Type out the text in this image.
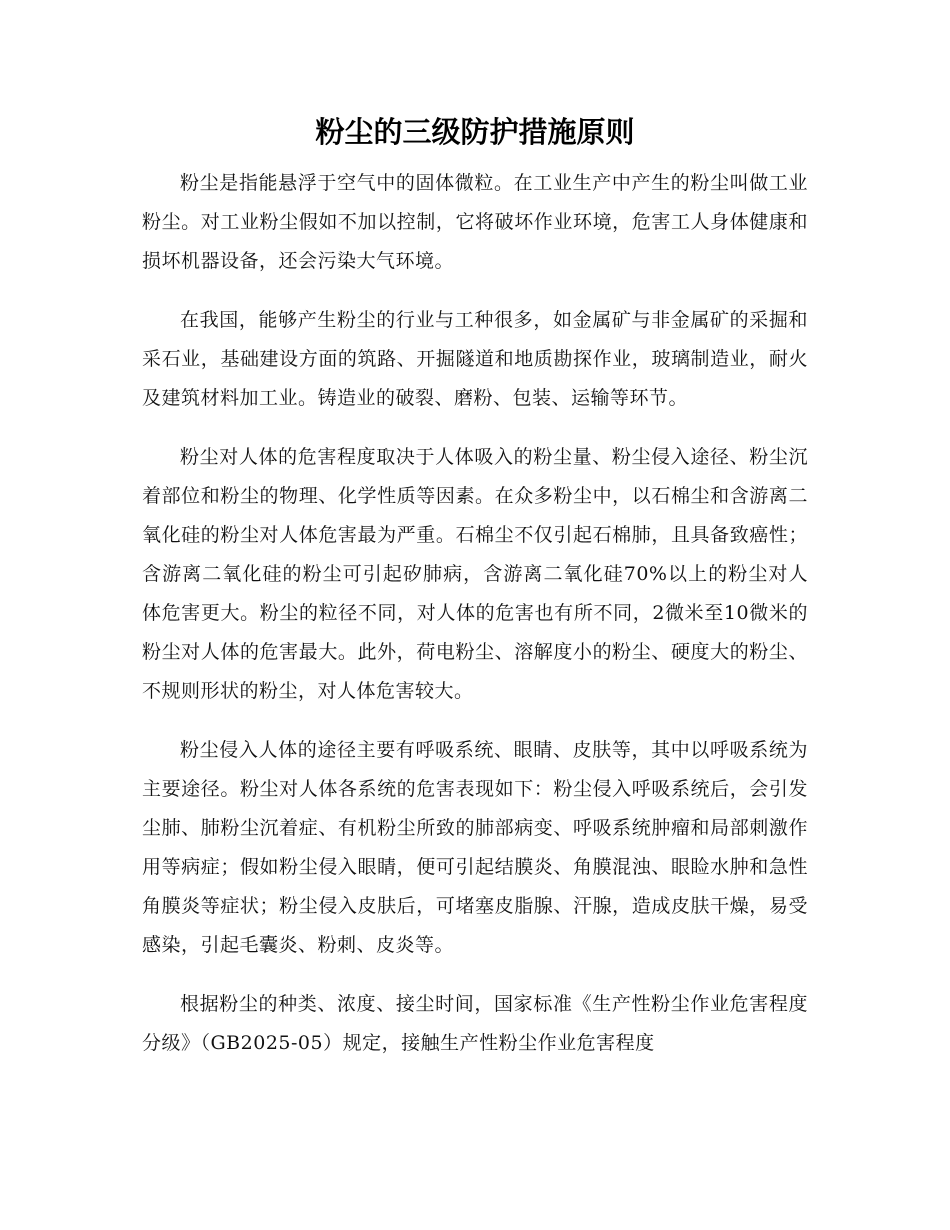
粉尘的三级防护措施原则

粉尘是指能悬浮于空气中的固体微粒。在工业生产中产生的粉尘叫做工业粉尘。对工业粉尘假如不加以控制，它将破坏作业环境，危害工人身体健康和损坏机器设备，还会污染大气环境。

在我国，能够产生粉尘的行业与工种很多，如金属矿与非金属矿的采掘和采石业，基础建设方面的筑路、开掘隧道和地质勘探作业，玻璃制造业，耐火及建筑材料加工业。铸造业的破裂、磨粉、包装、运输等环节。

粉尘对人体的危害程度取决于人体吸入的粉尘量、粉尘侵入途径、粉尘沉着部位和粉尘的物理、化学性质等因素。在众多粉尘中，以石棉尘和含游离二氧化硅的粉尘对人体危害最为严重。石棉尘不仅引起石棉肺，且具备致癌性；含游离二氧化硅的粉尘可引起矽肺病，含游离二氧化硅70%以上的粉尘对人体危害更大。粉尘的粒径不同，对人体的危害也有所不同，2微米至10微米的粉尘对人体的危害最大。此外，荷电粉尘、溶解度小的粉尘、硬度大的粉尘、不规则形状的粉尘，对人体危害较大。

粉尘侵入人体的途径主要有呼吸系统、眼睛、皮肤等，其中以呼吸系统为主要途径。粉尘对人体各系统的危害表现如下：粉尘侵入呼吸系统后，会引发尘肺、肺粉尘沉着症、有机粉尘所致的肺部病变、呼吸系统肿瘤和局部刺激作用等病症；假如粉尘侵入眼睛，便可引起结膜炎、角膜混浊、眼睑水肿和急性角膜炎等症状；粉尘侵入皮肤后，可堵塞皮脂腺、汗腺，造成皮肤干燥，易受感染，引起毛囊炎、粉刺、皮炎等。

根据粉尘的种类、浓度、接尘时间，国家标准《生产性粉尘作业危害程度分级》（GB2025-05）规定，接触生产性粉尘作业危害程度
